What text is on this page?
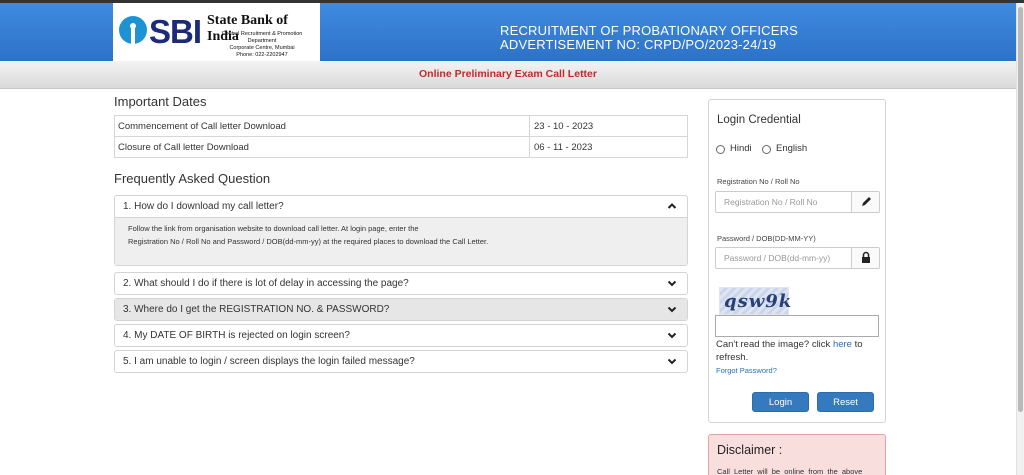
RECRUITMENT OF PROBATIONARY OFFICERS
ADVERTISEMENT NO: CRPD/PO/2023-24/19
SBI State Bank of India
Central Recruitment & Promotion Department
Corporate Centre, Mumbai
Phone: 022-2202947
Online Preliminary Exam Call Letter
Important Dates
Commencement of Call letter Download	23 - 10 - 2023
Closure of Call letter Download	06 - 11 - 2023
Frequently Asked Question
1. How do I download my call letter?
Follow the link from organisation website to download call letter. At login page, enter the
Registration No / Roll No and Password / DOB(dd-mm-yy) at the required places to download the Call Letter.
2. What should I do if there is lot of delay in accessing the page?
3. Where do I get the REGISTRATION NO. & PASSWORD?
4. My DATE OF BIRTH is rejected on login screen?
5. I am unable to login / screen displays the login failed message?
Login Credential
Hindi	English
Registration No / Roll No
Registration No / Roll No
Password / DOB(DD-MM-YY)
Password / DOB(dd-mm-yy)
qsw9k
Can't read the image? click here to refresh.
Forgot Password?
Login	Reset
Disclaimer :
Call Letter will be online from the above
